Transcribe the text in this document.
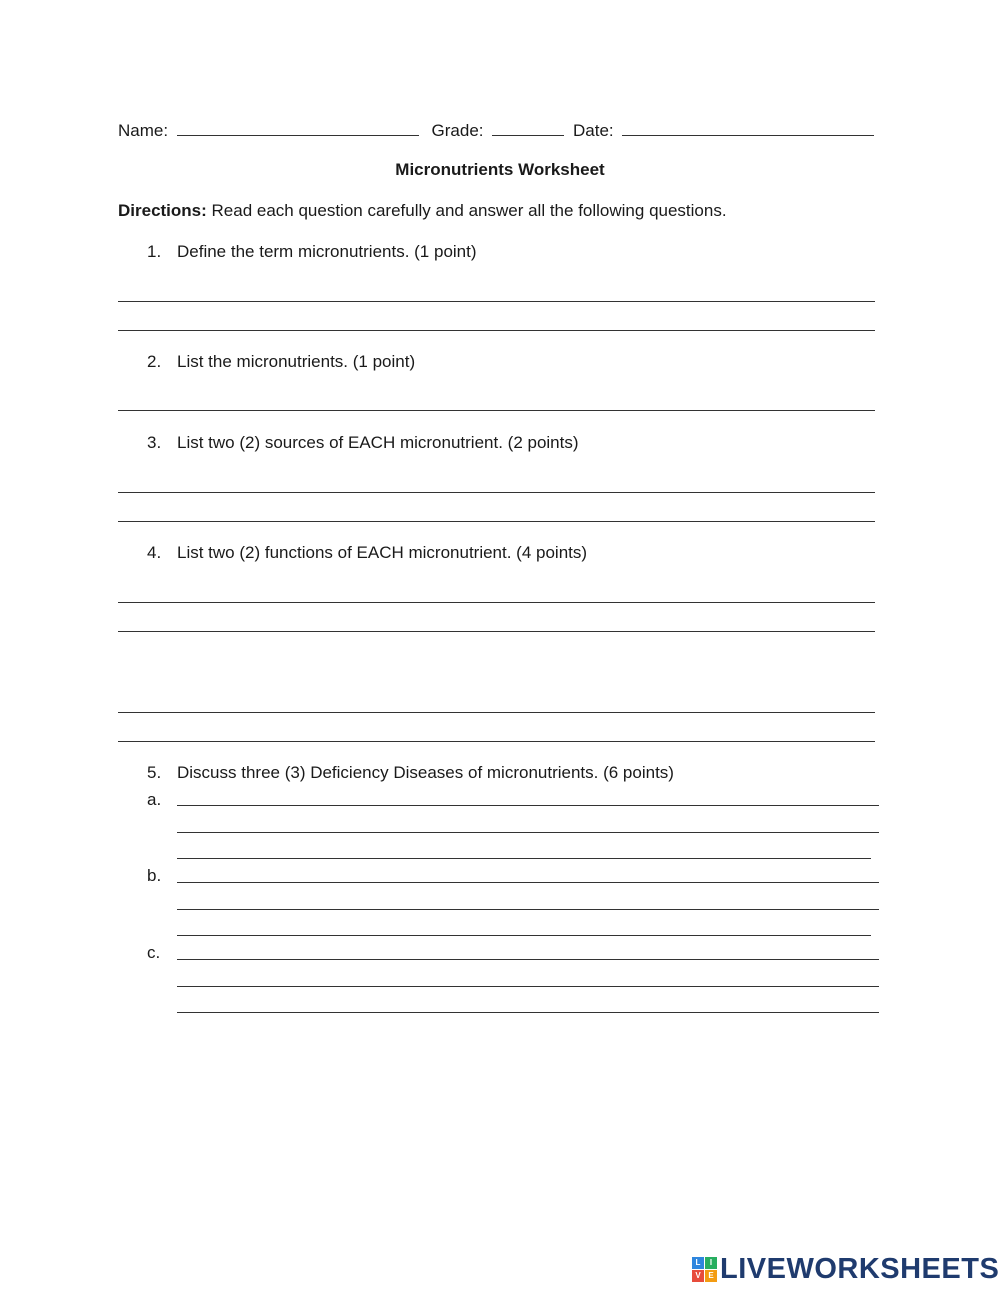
Name:	Grade:	Date:
Micronutrients Worksheet
Directions: Read each question carefully and answer all the following questions.
1. Define the term micronutrients. (1 point)
2. List the micronutrients. (1 point)
3. List two (2) sources of EACH micronutrient. (2 points)
4. List two (2) functions of EACH micronutrient. (4 points)
5. Discuss three (3) Deficiency Diseases of micronutrients. (6 points)
a.
b.
c.
L	I
V E LIVEWORKSHEETS
